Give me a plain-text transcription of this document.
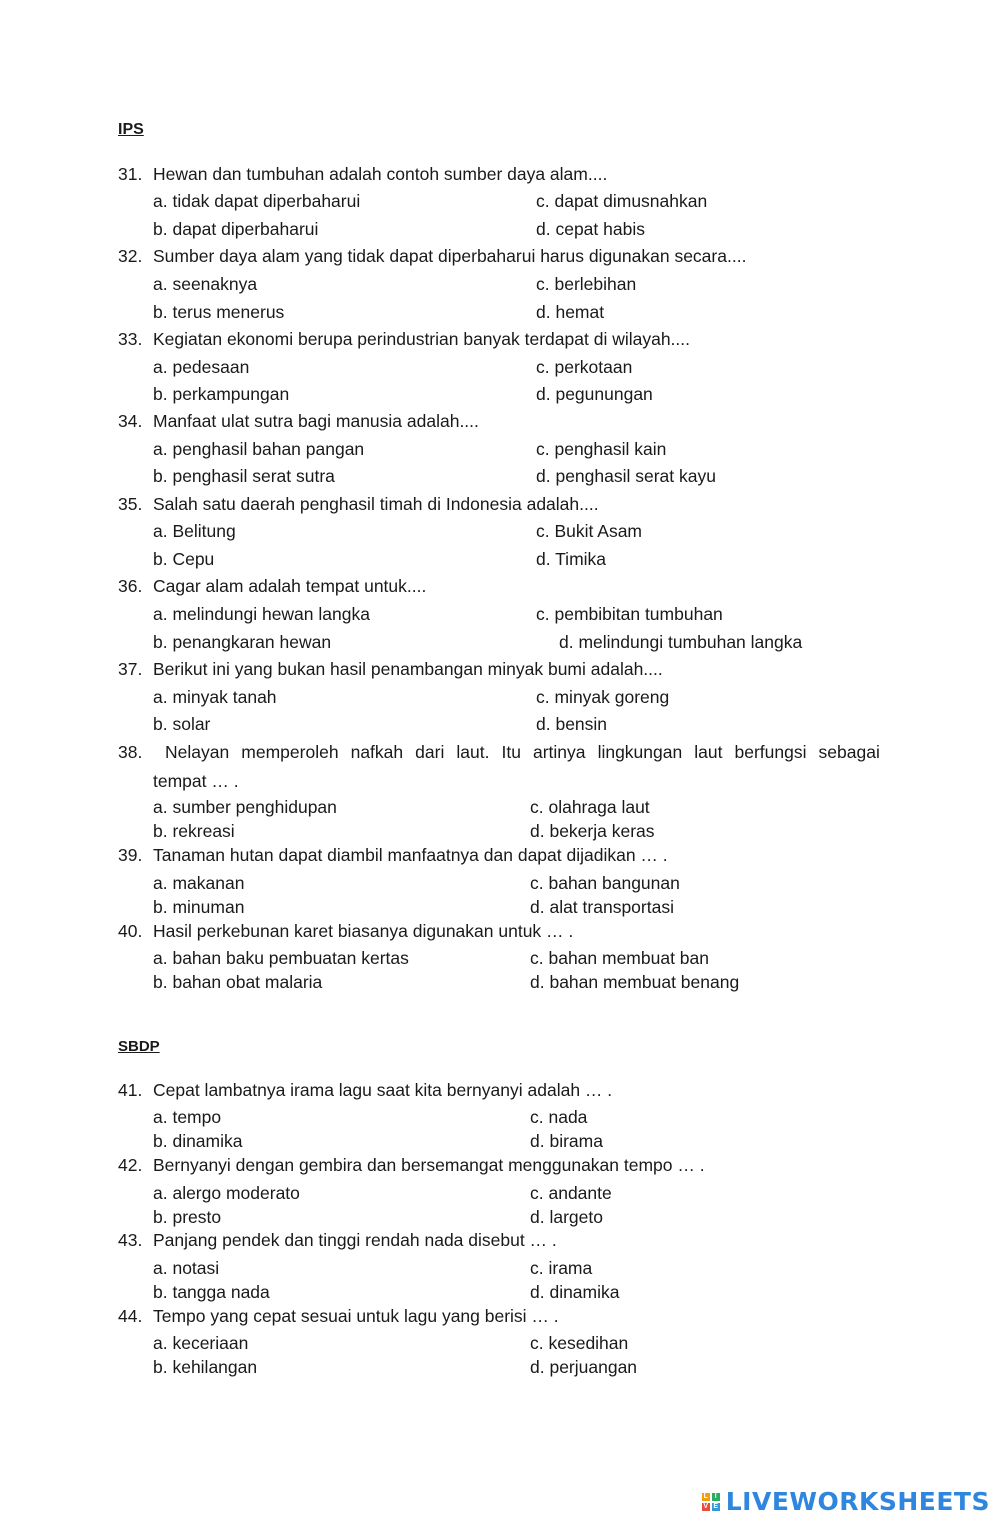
IPS
31. Hewan dan tumbuhan adalah contoh sumber daya alam....
a. tidak dapat diperbaharui	c. dapat dimusnahkan
b. dapat diperbaharui	d. cepat habis
32. Sumber daya alam yang tidak dapat diperbaharui harus digunakan secara....
a. seenaknya	c. berlebihan
b. terus menerus	d. hemat
33. Kegiatan ekonomi berupa perindustrian banyak terdapat di wilayah....
a. pedesaan	c. perkotaan
b. perkampungan	d. pegunungan
34. Manfaat ulat sutra bagi manusia adalah....
a. penghasil bahan pangan	c. penghasil kain
b. penghasil serat sutra	d. penghasil serat kayu
35. Salah satu daerah penghasil timah di Indonesia adalah....
a. Belitung	c. Bukit Asam
b. Cepu	d. Timika
36. Cagar alam adalah tempat untuk....
a. melindungi hewan langka	c. pembibitan tumbuhan
b. penangkaran hewan	d. melindungi tumbuhan langka
37. Berikut ini yang bukan hasil penambangan minyak bumi adalah....
a. minyak tanah	c. minyak goreng
b. solar	d. bensin
38.	Nelayan memperoleh nafkah dari laut. Itu artinya lingkungan laut berfungsi sebagai
tempat … .
a. sumber penghidupan	c. olahraga laut
b. rekreasi	d. bekerja keras
39. Tanaman hutan dapat diambil manfaatnya dan dapat dijadikan … .
a. makanan	c. bahan bangunan
b. minuman	d. alat transportasi
40. Hasil perkebunan karet biasanya digunakan untuk … .
a. bahan baku pembuatan kertas	c. bahan membuat ban
b. bahan obat malaria	d. bahan membuat benang
SBDP
41. Cepat lambatnya irama lagu saat kita bernyanyi adalah … .
a. tempo	c. nada
b. dinamika	d. birama
42. Bernyanyi dengan gembira dan bersemangat menggunakan tempo … .
a. alergo moderato	c. andante
b. presto	d. largeto
43. Panjang pendek dan tinggi rendah nada disebut … .
a. notasi	c. irama
b. tangga nada	d. dinamika
44. Tempo yang cepat sesuai untuk lagu yang berisi … .
a. keceriaan	c. kesedihan
b. kehilangan	d. perjuangan
L I
V E LIVEWORKSHEETS
